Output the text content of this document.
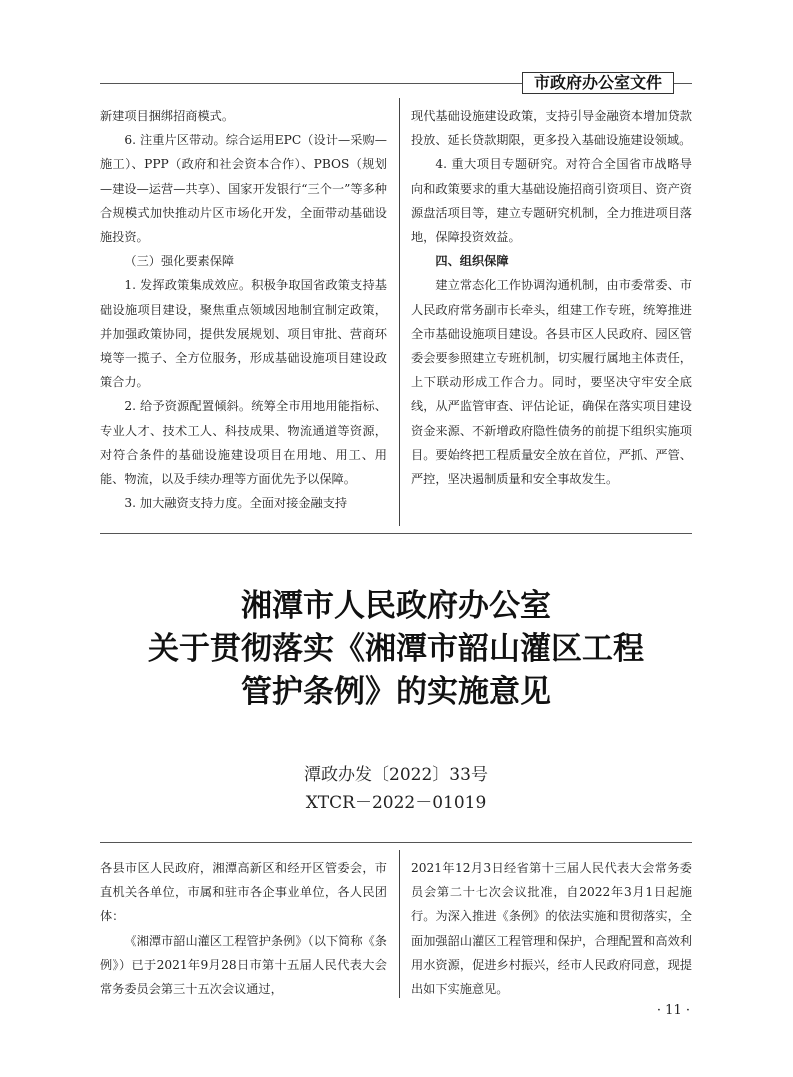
市政府办公室文件

新建项目捆绑招商模式。

6. 注重片区带动。综合运用EPC（设计—采购—施工）、PPP（政府和社会资本合作）、PBOS（规划—建设—运营—共享）、国家开发银行“三个一”等多种合规模式加快推动片区市场化开发，全面带动基础设施投资。

（三）强化要素保障

1. 发挥政策集成效应。积极争取国省政策支持基础设施项目建设，聚焦重点领域因地制宜制定政策，并加强政策协同，提供发展规划、项目审批、营商环境等一揽子、全方位服务，形成基础设施项目建设政策合力。

2. 给予资源配置倾斜。统筹全市用地用能指标、专业人才、技术工人、科技成果、物流通道等资源，对符合条件的基础设施建设项目在用地、用工、用能、物流，以及手续办理等方面优先予以保障。

3. 加大融资支持力度。全面对接金融支持

现代基础设施建设政策，支持引导金融资本增加贷款投放、延长贷款期限，更多投入基础设施建设领域。

4. 重大项目专题研究。对符合全国省市战略导向和政策要求的重大基础设施招商引资项目、资产资源盘活项目等，建立专题研究机制，全力推进项目落地，保障投资效益。

四、组织保障

建立常态化工作协调沟通机制，由市委常委、市人民政府常务副市长牵头，组建工作专班，统筹推进全市基础设施项目建设。各县市区人民政府、园区管委会要参照建立专班机制，切实履行属地主体责任，上下联动形成工作合力。同时，要坚决守牢安全底线，从严监管审查、评估论证，确保在落实项目建设资金来源、不新增政府隐性债务的前提下组织实施项目。要始终把工程质量安全放在首位，严抓、严管、严控，坚决遏制质量和安全事故发生。

湘潭市人民政府办公室
关于贯彻落实《湘潭市韶山灌区工程
管护条例》的实施意见
潭政办发〔2022〕33号
XTCR－2022－01019

各县市区人民政府，湘潭高新区和经开区管委会，市直机关各单位，市属和驻市各企事业单位，各人民团体：

《湘潭市韶山灌区工程管护条例》（以下简称《条例》）已于2021年9月28日市第十五届人民代表大会常务委员会第三十五次会议通过，

2021年12月3日经省第十三届人民代表大会常务委员会第二十七次会议批准，自2022年3月1日起施行。为深入推进《条例》的依法实施和贯彻落实，全面加强韶山灌区工程管理和保护，合理配置和高效利用水资源，促进乡村振兴，经市人民政府同意，现提出如下实施意见。

· 11 ·
